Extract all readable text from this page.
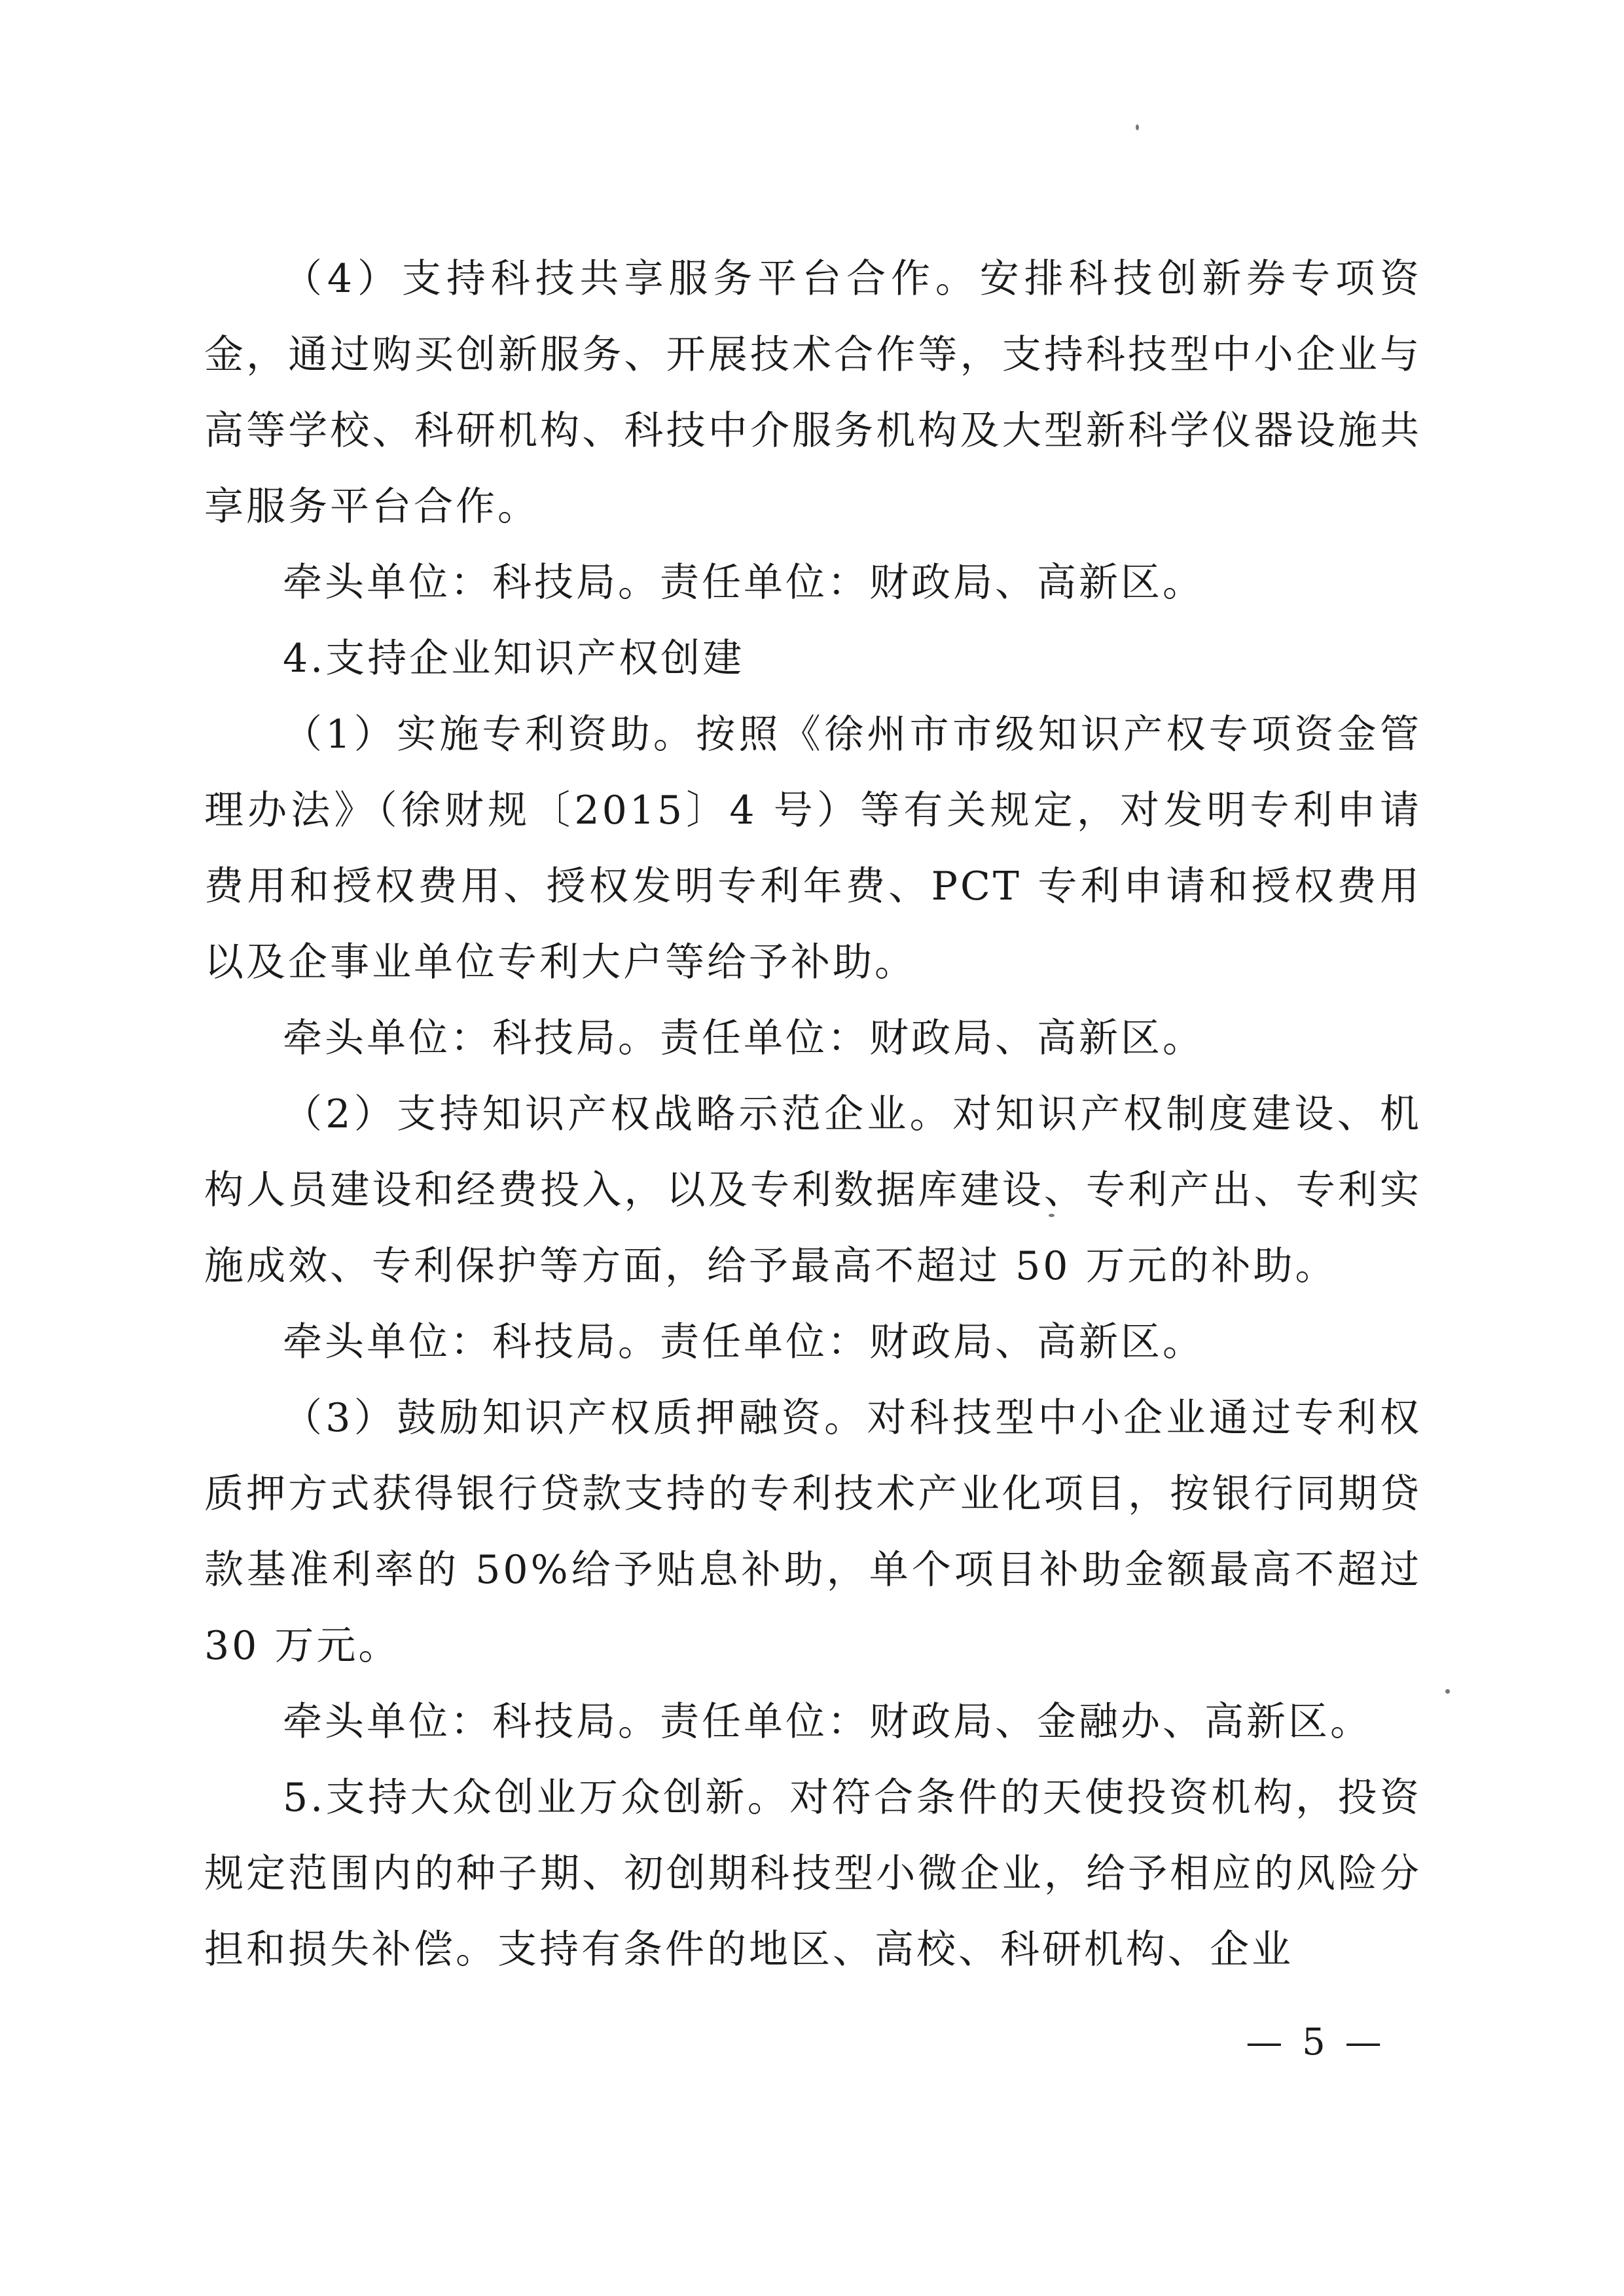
（4）支持科技共享服务平台合作。安排科技创新券专项资金，通过购买创新服务、开展技术合作等，支持科技型中小企业与高等学校、科研机构、科技中介服务机构及大型新科学仪器设施共享服务平台合作。

牵头单位：科技局。责任单位：财政局、高新区。

4.支持企业知识产权创建

（1）实施专利资助。按照《徐州市市级知识产权专项资金管理办法》（徐财规〔2015〕4 号）等有关规定，对发明专利申请费用和授权费用、授权发明专利年费、PCT 专利申请和授权费用以及企事业单位专利大户等给予补助。

牵头单位：科技局。责任单位：财政局、高新区。

（2）支持知识产权战略示范企业。对知识产权制度建设、机构人员建设和经费投入，以及专利数据库建设、专利产出、专利实施成效、专利保护等方面，给予最高不超过 50 万元的补助。

牵头单位：科技局。责任单位：财政局、高新区。

（3）鼓励知识产权质押融资。对科技型中小企业通过专利权质押方式获得银行贷款支持的专利技术产业化项目，按银行同期贷款基准利率的 50%给予贴息补助，单个项目补助金额最高不超过 30 万元。

牵头单位：科技局。责任单位：财政局、金融办、高新区。

5.支持大众创业万众创新。对符合条件的天使投资机构，投资规定范围内的种子期、初创期科技型小微企业，给予相应的风险分担和损失补偿。支持有条件的地区、高校、科研机构、企业

— 5 —
